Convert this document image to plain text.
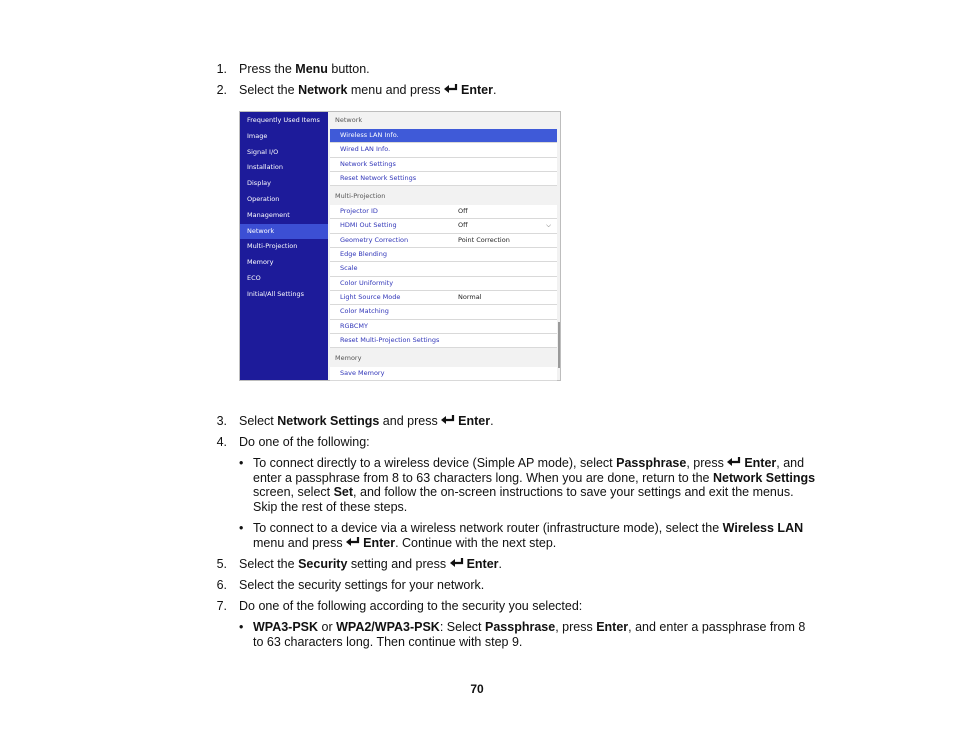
1. Press the Menu button.
2. Select the Network menu and press
Enter.
Frequently Used Items
Image
Signal I/O
Installation
Display
Operation
Management
Network
Multi-Projection
Memory
ECO
Initial/All Settings
Network
Wireless LAN Info.
Wired LAN Info.
Network Settings
Reset Network Settings
Multi-Projection
Projector ID	Off
HDMI Out Setting	Off	⌵
Geometry Correction	Point Correction
Edge Blending
Scale
Color Uniformity
Light Source Mode	Normal
Color Matching
RGBCMY
Reset Multi-Projection Settings
Memory
Save Memory
3. Select Network Settings and press
Enter.
4. Do one of the following:
• To connect directly to a wireless device (Simple AP mode), select Passphrase, press
Enter, and enter a passphrase from 8 to 63 characters long. When you are done, return to the Network Settings screen, select Set, and follow the on-screen instructions to save your settings and exit the menus. Skip the rest of these steps.
• To connect to a device via a wireless network router (infrastructure mode), select the Wireless LAN menu and press
Enter. Continue with the next step.
5. Select the Security setting and press
Enter.
6. Select the security settings for your network.
7. Do one of the following according to the security you selected:
• WPA3-PSK or WPA2/WPA3-PSK: Select Passphrase, press Enter, and enter a passphrase from 8 to 63 characters long. Then continue with step 9.
70
